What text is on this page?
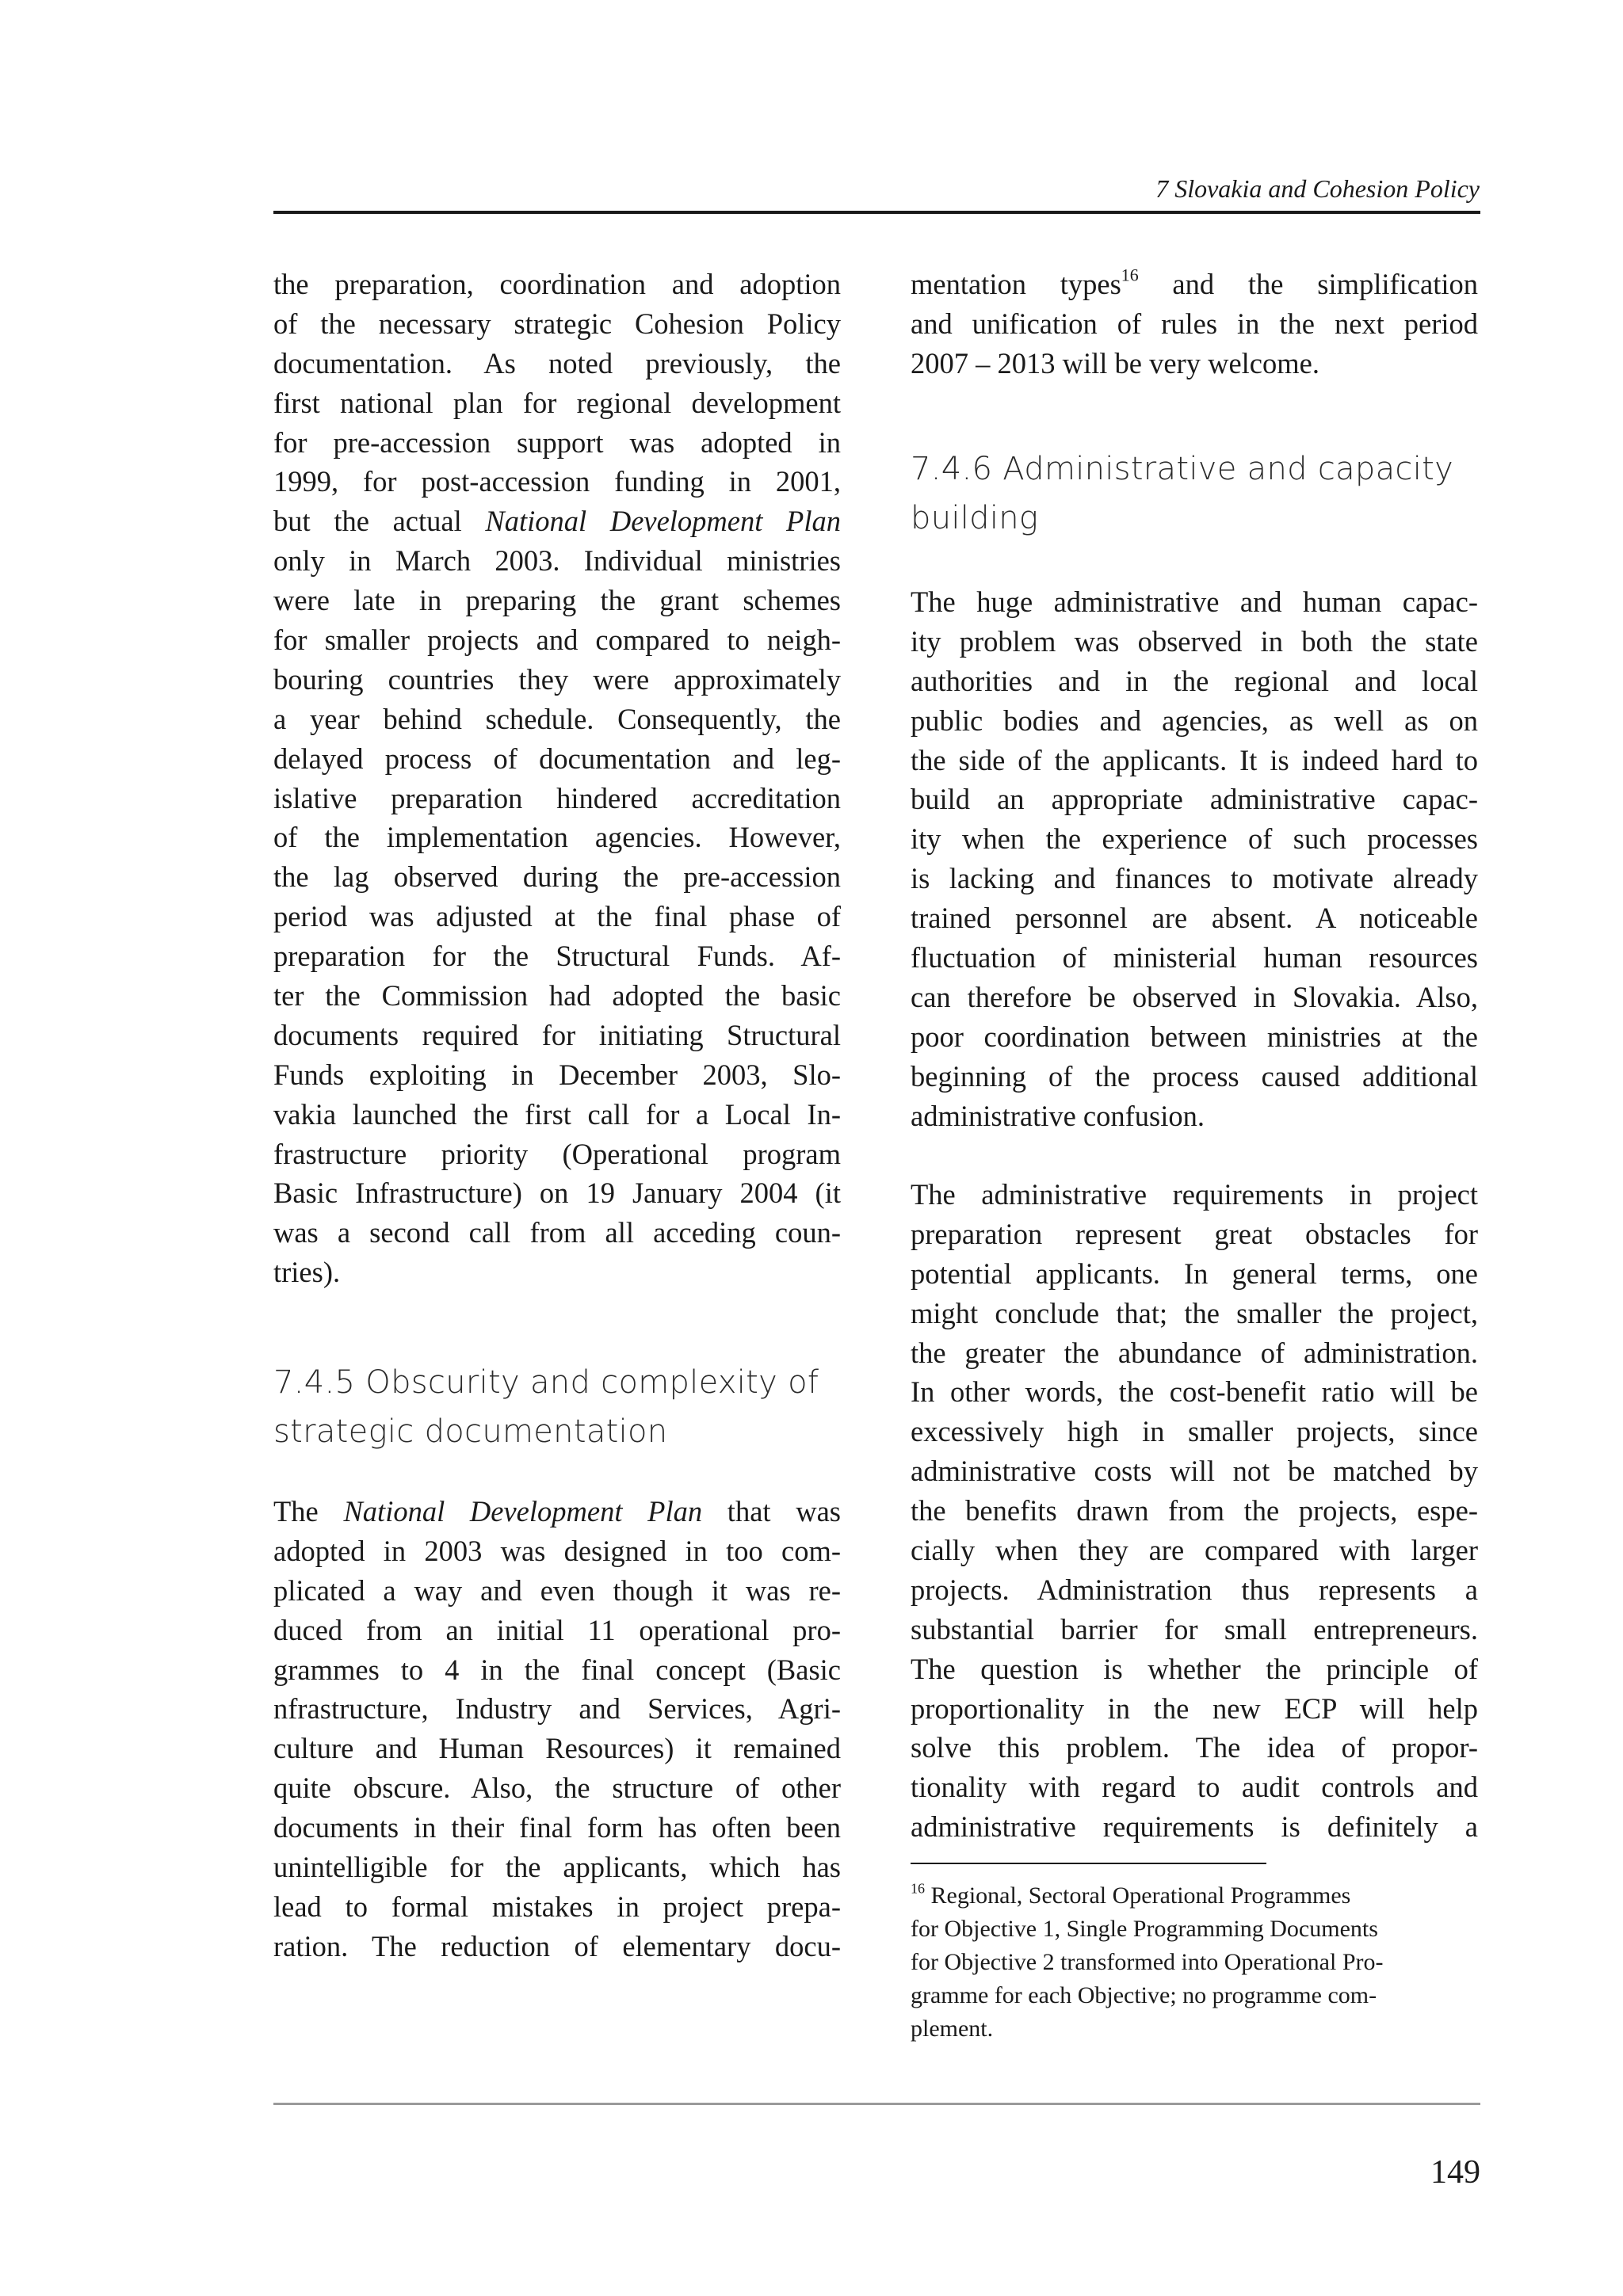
7 Slovakia and Cohesion Policy
the preparation, coordination and adoption
of the necessary strategic Cohesion Policy
documentation. As noted previously, the
first national plan for regional development
for pre-accession support was adopted in
1999, for post-accession funding in 2001,
but the actual National Development Plan
only in March 2003. Individual ministries
were late in preparing the grant schemes
for smaller projects and compared to neigh-
bouring countries they were approximately
a year behind schedule. Consequently, the
delayed process of documentation and leg-
islative preparation hindered accreditation
of the implementation agencies. However,
the lag observed during the pre-accession
period was adjusted at the final phase of
preparation for the Structural Funds. Af-
ter the Commission had adopted the basic
documents required for initiating Structural
Funds exploiting in December 2003, Slo-
vakia launched the first call for a Local In-
frastructure priority (Operational program
Basic Infrastructure) on 19 January 2004 (it
was a second call from all acceding coun-
tries).
7.4.5 Obscurity and complexity of
strategic documentation
The National Development Plan that was
adopted in 2003 was designed in too com-
plicated a way and even though it was re-
duced from an initial 11 operational pro-
grammes to 4 in the final concept (Basic
nfrastructure, Industry and Services, Agri-
culture and Human Resources) it remained
quite obscure. Also, the structure of other
documents in their final form has often been
unintelligible for the applicants, which has
lead to formal mistakes in project prepa-
ration. The reduction of elementary docu-
mentation types$^{16}$ and the simplification
and unification of rules in the next period
2007 – 2013 will be very welcome.
7.4.6 Administrative and capacity
building
The huge administrative and human capac-
ity problem was observed in both the state
authorities and in the regional and local
public bodies and agencies, as well as on
the side of the applicants. It is indeed hard to
build an appropriate administrative capac-
ity when the experience of such processes
is lacking and finances to motivate already
trained personnel are absent. A noticeable
fluctuation of ministerial human resources
can therefore be observed in Slovakia. Also,
poor coordination between ministries at the
beginning of the process caused additional
administrative confusion.
The administrative requirements in project
preparation represent great obstacles for
potential applicants. In general terms, one
might conclude that; the smaller the project,
the greater the abundance of administration.
In other words, the cost-benefit ratio will be
excessively high in smaller projects, since
administrative costs will not be matched by
the benefits drawn from the projects, espe-
cially when they are compared with larger
projects. Administration thus represents a
substantial barrier for small entrepreneurs.
The question is whether the principle of
proportionality in the new ECP will help
solve this problem. The idea of propor-
tionality with regard to audit controls and
administrative requirements is definitely a
$^{16}$ Regional, Sectoral Operational Programmes
for Objective 1, Single Programming Documents
for Objective 2 transformed into Operational Pro-
gramme for each Objective; no programme com-
plement.
149
